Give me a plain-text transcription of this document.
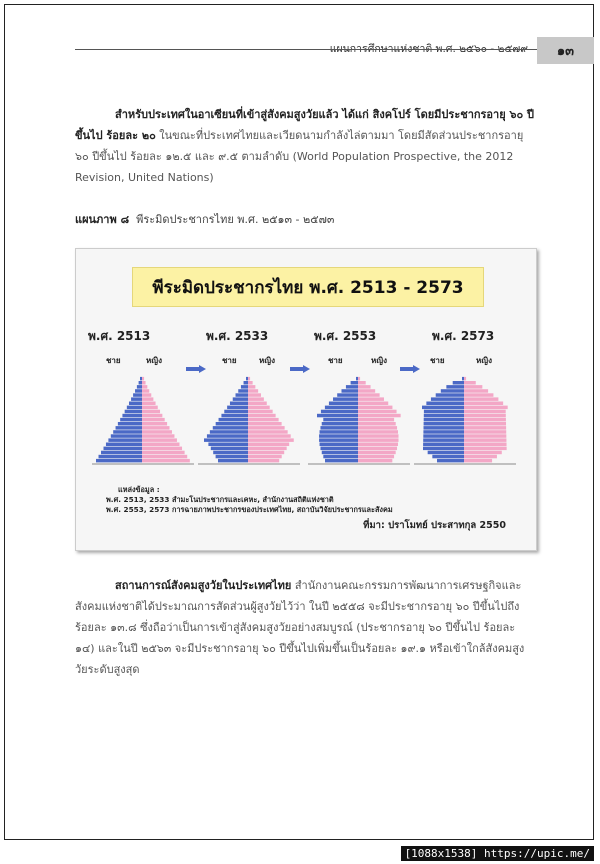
แผนการศึกษาแห่งชาติ พ.ศ. ๒๕๖๐ - ๒๕๗๙	๑๓
สำหรับประเทศในอาเซียนที่เข้าสู่สังคมสูงวัยแล้ว ได้แก่ สิงคโปร์ โดยมีประชากรอายุ ๖๐ ปีขึ้นไป ร้อยละ ๒๐ ในขณะที่ประเทศไทยและเวียดนามกำลังไล่ตามมา โดยมีสัดส่วนประชากรอายุ ๖๐ ปีขึ้นไป ร้อยละ ๑๒.๕ และ ๙.๕ ตามลำดับ (World Population Prospective, the 2012 Revision, United Nations)
แผนภาพ ๘ พีระมิดประชากรไทย พ.ศ. ๒๕๑๓ - ๒๕๗๓
พีระมิดประชากรไทย พ.ศ. 2513 - 2573
พ.ศ. 2513	พ.ศ. 2533	พ.ศ. 2553	พ.ศ. 2573
ชาย	หญิง	ชาย	หญิง	ชาย	หญิง	ชาย	หญิง
แหล่งข้อมูล :
พ.ศ. 2513, 2533 สำมะโนประชากรและเคหะ, สำนักงานสถิติแห่งชาติ
พ.ศ. 2553, 2573 การฉายภาพประชากรของประเทศไทย, สถาบันวิจัยประชากรและสังคม
ที่มา: ปราโมทย์ ประสาทกุล 2550
สถานการณ์สังคมสูงวัยในประเทศไทย สำนักงานคณะกรรมการพัฒนาการเศรษฐกิจและสังคมแห่งชาติได้ประมาณการสัดส่วนผู้สูงวัยไว้ว่า ในปี ๒๕๕๘ จะมีประชากรอายุ ๖๐ ปีขึ้นไปถึงร้อยละ ๑๓.๘ ซึ่งถือว่าเป็นการเข้าสู่สังคมสูงวัยอย่างสมบูรณ์ (ประชากรอายุ ๖๐ ปีขึ้นไป ร้อยละ ๑๔) และในปี ๒๕๖๓ จะมีประชากรอายุ ๖๐ ปีขึ้นไปเพิ่มขึ้นเป็นร้อยละ ๑๙.๑ หรือเข้าใกล้สังคมสูงวัยระดับสูงสุด
[1088x1538] https://upic.me/
